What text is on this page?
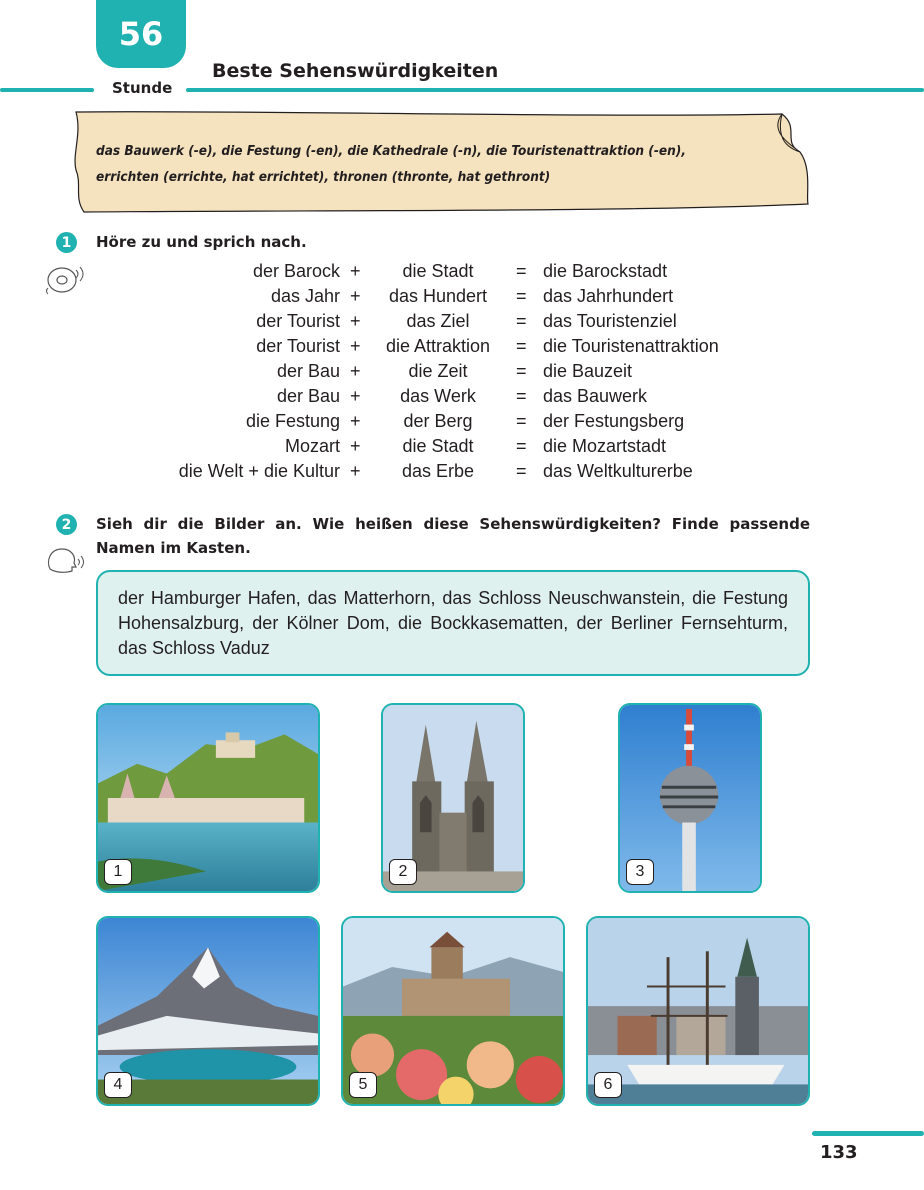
56
Stunde
Beste Sehenswürdigkeiten
das Bauwerk (-e), die Festung (-en), die Kathedrale (-n), die Touristenattraktion (-en),
errichten (errichte, hat errichtet), thronen (thronte, hat gethront)
1	Höre zu und sprich nach.
der Barock +	die Stadt	= die Barockstadt
das Jahr +	das Hundert	= das Jahrhundert
der Tourist +	das Ziel	= das Touristenziel
der Tourist +	die Attraktion	= die Touristenattraktion
der Bau +	die Zeit	= die Bauzeit
der Bau +	das Werk	= das Bauwerk
die Festung +	der Berg	= der Festungsberg
Mozart +	die Stadt	= die Mozartstadt
die Welt + die Kultur +	das Erbe	= das Weltkulturerbe
2	Sieh dir die Bilder an. Wie heißen diese Sehenswürdigkeiten? Finde passende
Namen im Kasten.
der Hamburger Hafen, das Matterhorn, das Schloss Neuschwanstein, die Festung Hohensalzburg, der Kölner Dom, die Bockkasematten, der Berliner Fernsehturm, das Schloss Vaduz
1	2	3
4	5	6
133
